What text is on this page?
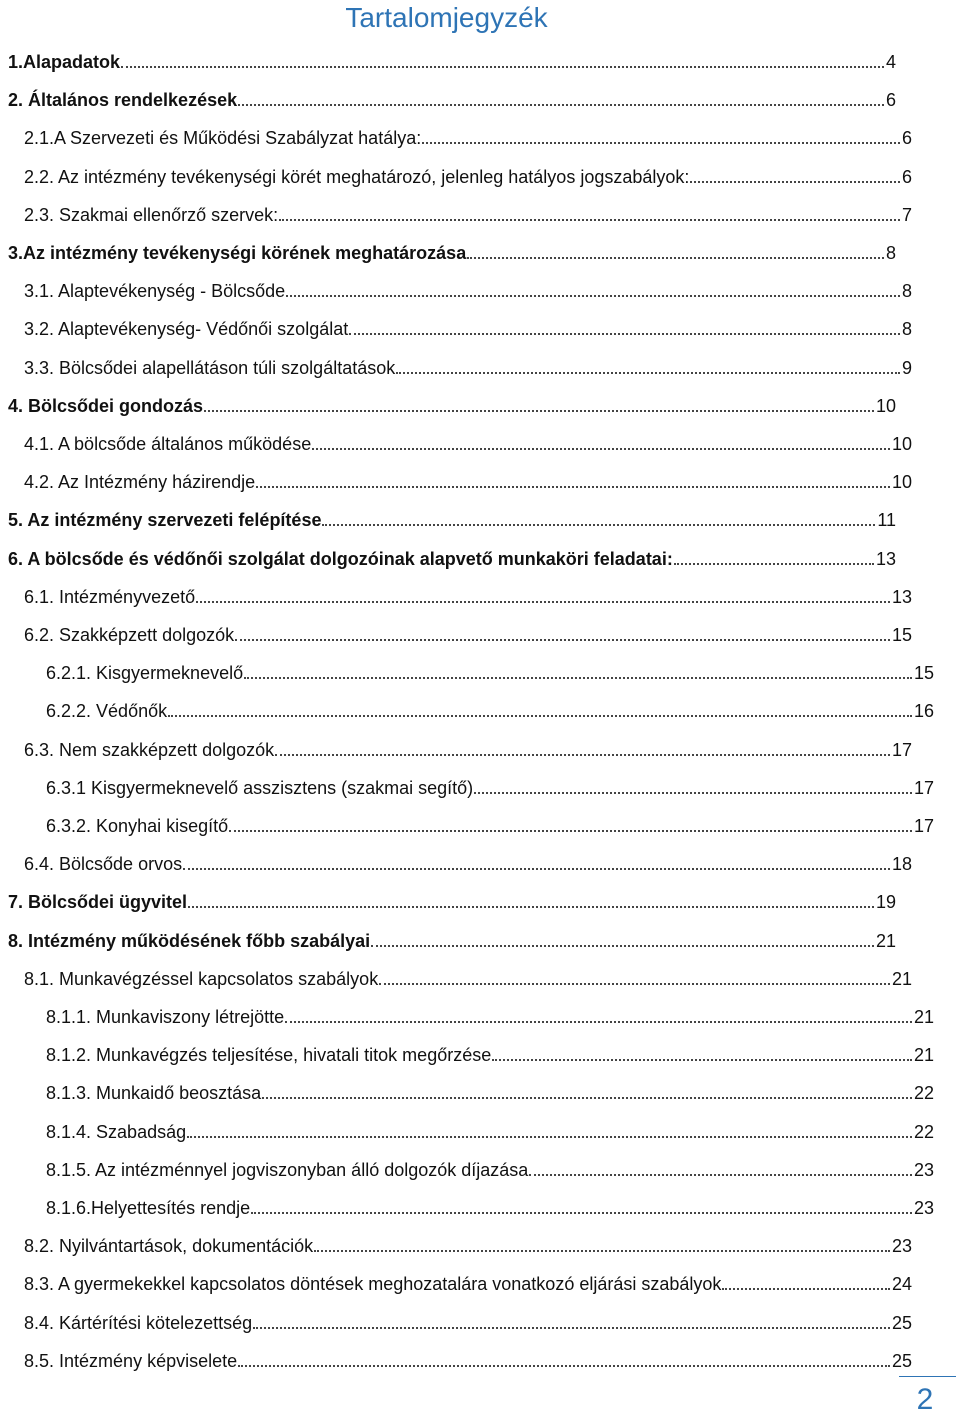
Tartalomjegyzék
1.Alapadatok	4
2. Általános rendelkezések	6
2.1.A Szervezeti és Működési Szabályzat hatálya:	6
2.2. Az intézmény tevékenységi körét meghatározó, jelenleg hatályos jogszabályok:	6
2.3. Szakmai ellenőrző szervek:	7
3.Az intézmény tevékenységi körének meghatározása	8
3.1. Alaptevékenység - Bölcsőde	8
3.2. Alaptevékenység- Védőnői szolgálat	8
3.3. Bölcsődei alapellátáson túli szolgáltatások	9
4. Bölcsődei gondozás	10
4.1. A bölcsőde általános működése	10
4.2. Az Intézmény házirendje	10
5. Az intézmény szervezeti felépítése	11
6. A bölcsőde és védőnői szolgálat dolgozóinak alapvető munkaköri feladatai:	13
6.1. Intézményvezető	13
6.2. Szakképzett dolgozók	15
6.2.1. Kisgyermeknevelő	15
6.2.2. Védőnők	16
6.3. Nem szakképzett dolgozók	17
6.3.1 Kisgyermeknevelő asszisztens (szakmai segítő)	17
6.3.2. Konyhai kisegítő	17
6.4. Bölcsőde orvos	18
7. Bölcsődei ügyvitel	19
8. Intézmény működésének főbb szabályai	21
8.1. Munkavégzéssel kapcsolatos szabályok	21
8.1.1. Munkaviszony létrejötte	21
8.1.2. Munkavégzés teljesítése, hivatali titok megőrzése	21
8.1.3. Munkaidő beosztása	22
8.1.4. Szabadság	22
8.1.5. Az intézménnyel jogviszonyban álló dolgozók díjazása	23
8.1.6.Helyettesítés rendje	23
8.2. Nyilvántartások, dokumentációk	23
8.3. A gyermekekkel kapcsolatos döntések meghozatalára vonatkozó eljárási szabályok	24
8.4. Kártérítési kötelezettség	25
8.5. Intézmény képviselete	25
2
